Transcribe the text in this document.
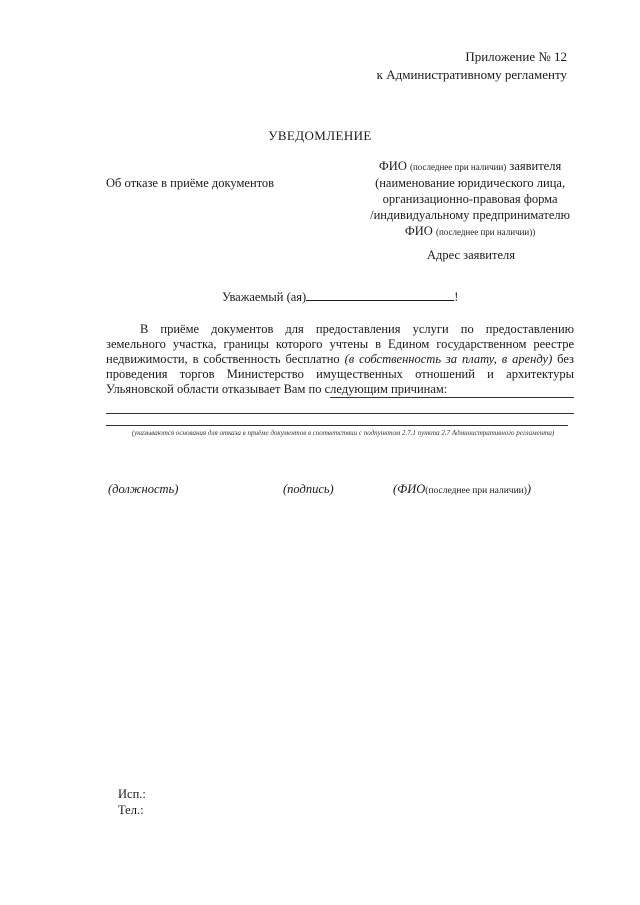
Приложение № 12
к Административному регламенту
УВЕДОМЛЕНИЕ
Об отказе в приёме документов
ФИО (последнее при наличии) заявителя
(наименование юридического лица,
организационно-правовая форма
/индивидуальному предпринимателю
ФИО (последнее при наличии))
Адрес заявителя
Уважаемый (ая)	!
В приёме документов для предоставления услуги по предоставлению земельного участка, границы которого учтены в Едином государственном реестре недвижимости, в собственность бесплатно (в собственность за плату, в аренду) без проведения торгов Министерство имущественных отношений и архитектуры Ульяновской области отказывает Вам по следующим причинам:
(указываются основания для отказа в приёме документов в соответствии с подпунктом 2.7.1 пункта 2.7 Административного регламента)
(должность)	(подпись)	(ФИО(последнее при наличии))
Исп.:
Тел.:
